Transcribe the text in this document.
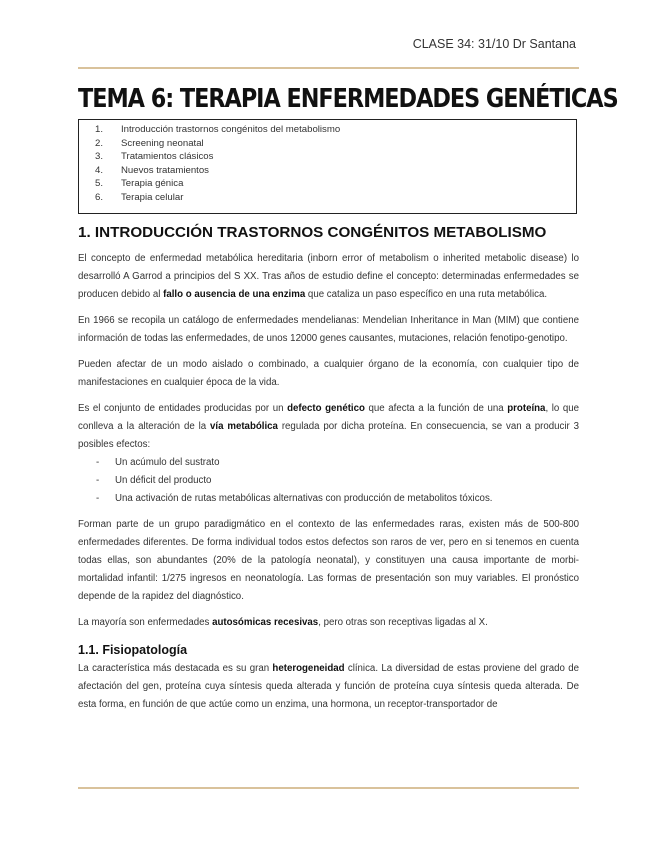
CLASE 34: 31/10 Dr Santana
TEMA 6: TERAPIA ENFERMEDADES GENÉTICAS
1. Introducción trastornos congénitos del metabolismo
2. Screening neonatal
3. Tratamientos clásicos
4. Nuevos tratamientos
5. Terapia génica
6. Terapia celular
1. INTRODUCCIÓN TRASTORNOS CONGÉNITOS METABOLISMO

El concepto de enfermedad metabólica hereditaria (inborn error of metabolism o inherited metabolic disease) lo desarrolló A Garrod a principios del S XX. Tras años de estudio define el concepto: determinadas enfermedades se producen debido al fallo o ausencia de una enzima que cataliza un paso específico en una ruta metabólica.

En 1966 se recopila un catálogo de enfermedades mendelianas: Mendelian Inheritance in Man (MIM) que contiene información de todas las enfermedades, de unos 12000 genes causantes, mutaciones, relación fenotipo-genotipo.

Pueden afectar de un modo aislado o combinado, a cualquier órgano de la economía, con cualquier tipo de manifestaciones en cualquier época de la vida.

Es el conjunto de entidades producidas por un defecto genético que afecta a la función de una proteína, lo que conlleva a la alteración de la vía metabólica regulada por dicha proteína. En consecuencia, se van a producir 3 posibles efectos:

- Un acúmulo del sustrato
- Un déficit del producto
- Una activación de rutas metabólicas alternativas con producción de metabolitos tóxicos.

Forman parte de un grupo paradigmático en el contexto de las enfermedades raras, existen más de 500-800 enfermedades diferentes. De forma individual todos estos defectos son raros de ver, pero en si tenemos en cuenta todas ellas, son abundantes (20% de la patología neonatal), y constituyen una causa importante de morbi-mortalidad infantil: 1/275 ingresos en neonatología. Las formas de presentación son muy variables. El pronóstico depende de la rapidez del diagnóstico.

La mayoría son enfermedades autosómicas recesivas, pero otras son receptivas ligadas al X.

1.1. Fisiopatología

La característica más destacada es su gran heterogeneidad clínica. La diversidad de estas proviene del grado de afectación del gen, proteína cuya síntesis queda alterada y función de proteína cuya síntesis queda alterada. De esta forma, en función de que actúe como un enzima, una hormona, un receptor-transportador de
